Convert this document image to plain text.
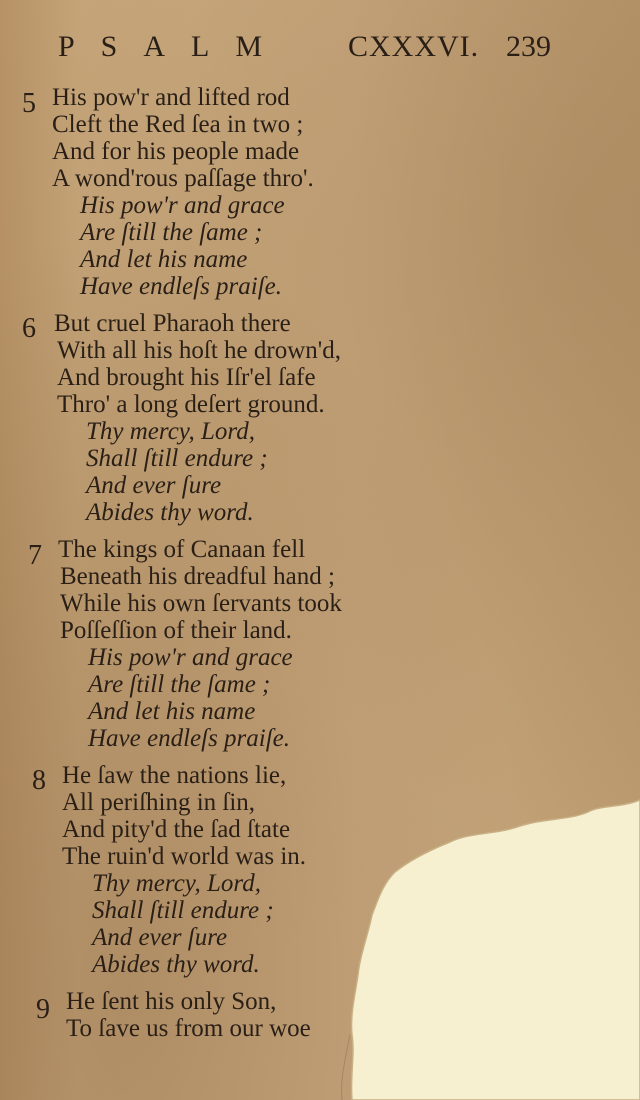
PSALM CXXXVI. 239
5 His pow'r and lifted rod
Cleft the Red ſea in two ;
And for his people made
A wond'rous paſſage thro'.
His pow'r and grace
Are ſtill the ſame ;
And let his name
Have endleſs praiſe.
6 But cruel Pharaoh there
With all his hoſt he drown'd,
And brought his Iſr'el ſafe
Thro' a long deſert ground.
Thy mercy, Lord,
Shall ſtill endure ;
And ever ſure
Abides thy word.
7 The kings of Canaan fell
Beneath his dreadful hand ;
While his own ſervants took
Poſſeſſion of their land.
His pow'r and grace
Are ſtill the ſame ;
And let his name
Have endleſs praiſe.
8 He ſaw the nations lie,
All periſhing in ſin,
And pity'd the ſad ſtate
The ruin'd world was in.
Thy mercy, Lord,
Shall ſtill endure ;
And ever ſure
Abides thy word.
9 He ſent his only Son,
To ſave us from our woe
